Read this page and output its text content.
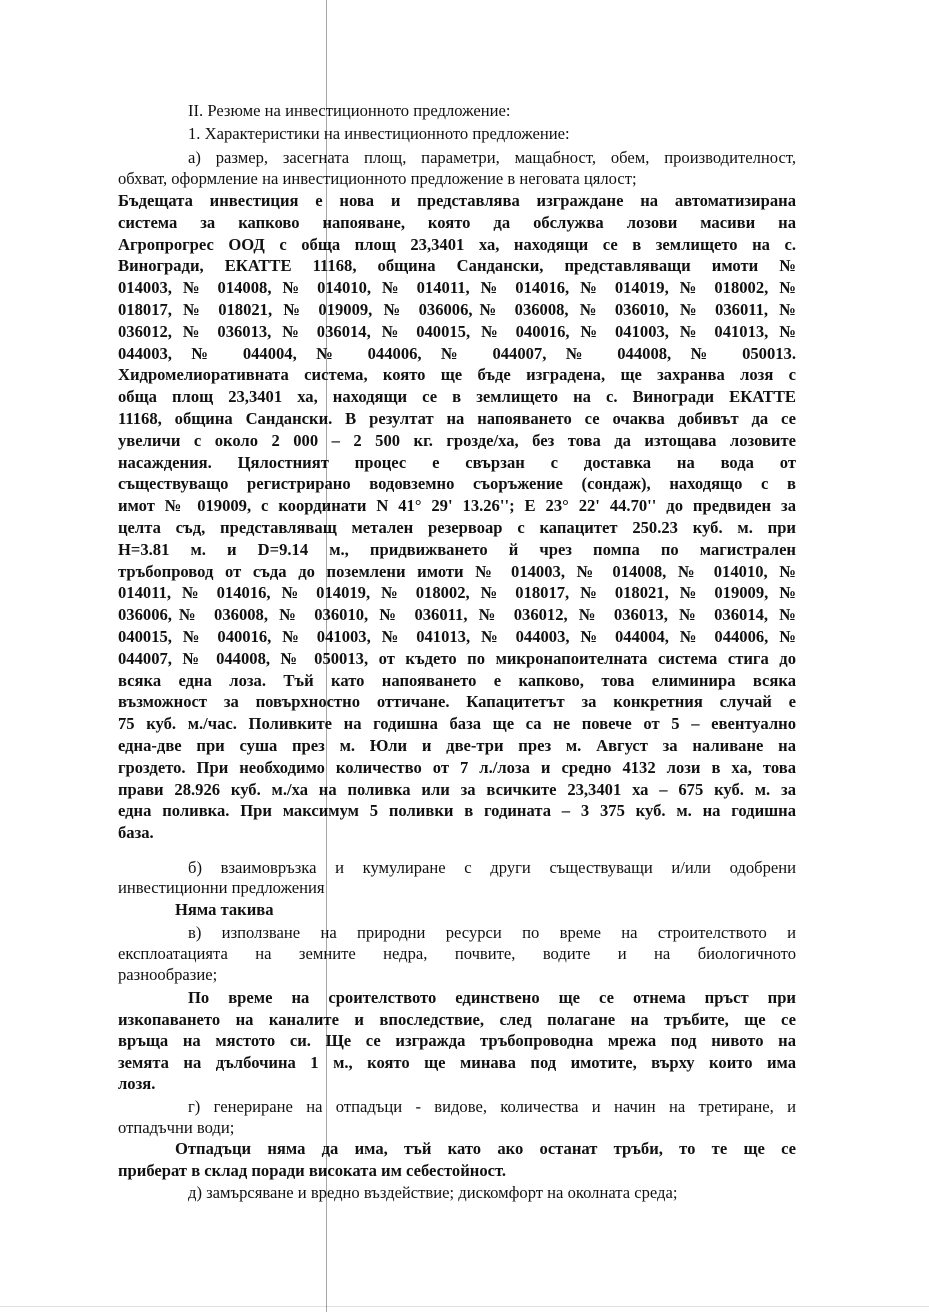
II. Резюме на инвестиционното предложение:
1. Характеристики на инвестиционното предложение:
а) размер, засегната площ, параметри, мащабност, обем, производителност,
обхват, оформление на инвестиционното предложение в неговата цялост;
Бъдещата инвестиция е нова и представлява изграждане на автоматизирана
система за капково напояване, която да обслужва лозови масиви на
Агропрогрес ООД с обща площ 23,3401 ха, находящи се в землището на с.
Виногради, ЕКАТТЕ 11168, община Сандански, представляващи имоти №
014003, № 014008, № 014010, № 014011, № 014016, № 014019, № 018002, №
018017, № 018021, № 019009, № 036006,№ 036008, № 036010, № 036011, №
036012, № 036013, № 036014, № 040015, № 040016, № 041003, № 041013, №
044003, № 044004, № 044006, № 044007, № 044008, № 050013.
Хидромелиоративната система, която ще бъде изградена, ще захранва лозя с
обща площ 23,3401 ха, находящи се в землището на с. Виногради ЕКАТТЕ
11168, община Сандански. В резултат на напояването се очаква добивът да се
увеличи с около 2 000 – 2 500 кг. грозде/ха, без това да изтощава лозовите
насаждения. Цялостният процес е свързан с доставка на вода от
съществуващо регистрирано водовземно съоръжение (сондаж), находящо с в
имот № 019009, с координати N 41° 29' 13.26''; E 23° 22' 44.70'' до предвиден за
целта съд, представляващ метален резервоар с капацитет 250.23 куб. м. при
H=3.81 м. и D=9.14 м., придвижването й чрез помпа по магистрален
тръбопровод от съда до поземлени имоти № 014003, № 014008, № 014010, №
014011, № 014016, № 014019, № 018002, № 018017, № 018021, № 019009, №
036006,№ 036008, № 036010, № 036011, № 036012, № 036013, № 036014, №
040015, № 040016, № 041003, № 041013, № 044003, № 044004, № 044006, №
044007, № 044008, № 050013, от където по микронапоителната система стига до
всяка една лоза. Тъй като напояването е капково, това елиминира всяка
възможност за повърхностно оттичане. Капацитетът за конкретния случай е
75 куб. м./час. Поливките на годишна база ще са не повече от 5 – евентуално
една-две при суша през м. Юли и две-три през м. Август за наливане на
гроздето. При необходимо количество от 7 л./лоза и средно 4132 лози в ха, това
прави 28.926 куб. м./ха на поливка или за всичките 23,3401 ха – 675 куб. м. за
една поливка. При максимум 5 поливки в годината – 3 375 куб. м. на годишна
база.
б) взаимовръзка и кумулиране с други съществуващи и/или одобрени
инвестиционни предложения
Няма такива
в) използване на природни ресурси по време на строителството и
експлоатацията на земните недра, почвите, водите и на биологичното
разнообразие;
По време на сроителството единствено ще се отнема пръст при
изкопаването на каналите и впоследствие, след полагане на тръбите, ще се
връща на мястото си. Ще се изгражда тръбопроводна мрежа под нивото на
земята на дълбочина 1 м., която ще минава под имотите, върху които има
лозя.
г) генериране на отпадъци - видове, количества и начин на третиране, и
отпадъчни води;
Отпадъци няма да има, тъй като ако останат тръби, то те ще се
приберат в склад поради високата им себестойност.
д) замърсяване и вредно въздействие; дискомфорт на околната среда;
